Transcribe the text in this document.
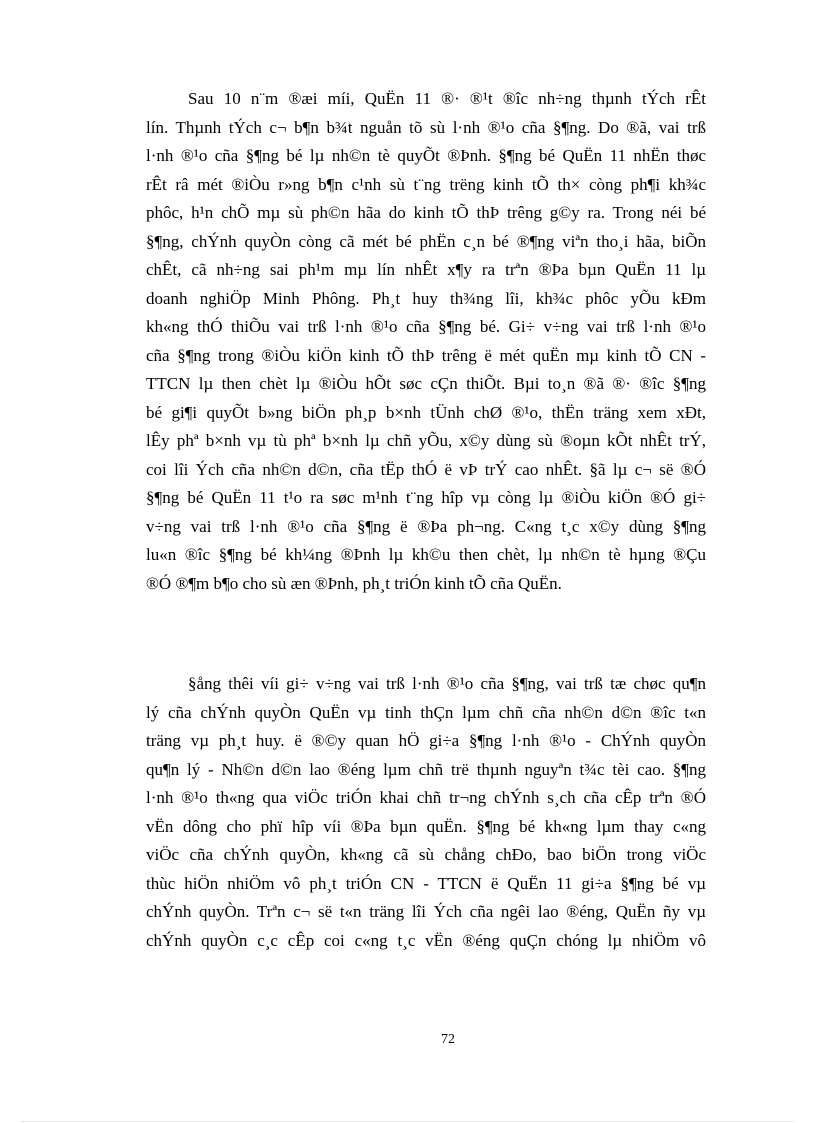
Sau 10 n¨m ®æi míi, QuËn 11 ®· ®¹t ®îc nh÷ng thµnh tÝch rÊt
lín. Thµnh tÝch c¬ b¶n b¾t nguån tõ sù l·nh ®¹o cña §¶ng. Do ®ã, vai trß
l·nh ®¹o cña §¶ng bé lµ nh©n tè quyÕt ®Þnh. §¶ng bé QuËn 11 nhËn thøc
rÊt râ mét ®iÒu r»ng b¶n c¹nh sù t¨ng trëng kinh tÕ th× còng ph¶i kh¾c
phôc, h¹n chÕ mµ sù ph©n hãa do kinh tÕ thÞ trêng g©y ra. Trong néi bé
§¶ng, chÝnh quyÒn còng cã mét bé phËn c¸n bé ®¶ng viªn tho¸i hãa, biÕn
chÊt, cã nh÷ng sai ph¹m mµ lín nhÊt x¶y ra trªn ®Þa bµn QuËn 11 lµ
doanh nghiÖp Minh Phông. Ph¸t huy th¾ng lîi, kh¾c phôc yÕu kÐm
kh«ng thÓ thiÕu vai trß l·nh ®¹o cña §¶ng bé. Gi÷ v÷ng vai trß l·nh ®¹o
cña §¶ng trong ®iÒu kiÖn kinh tÕ thÞ trêng ë mét quËn mµ kinh tÕ CN -
TTCN lµ then chèt lµ ®iÒu hÕt søc cÇn thiÕt. Bµi to¸n ®ã ®· ®îc §¶ng
bé gi¶i quyÕt b»ng biÖn ph¸p b×nh tÜnh chØ ®¹o, thËn träng xem xÐt,
lÊy phª b×nh vµ tù phª b×nh lµ chñ yÕu, x©y dùng sù ®oµn kÕt nhÊt trÝ,
coi lîi Ých cña nh©n d©n, cña tËp thÓ ë vÞ trÝ cao nhÊt. §ã lµ c¬ së ®Ó
§¶ng bé QuËn 11 t¹o ra søc m¹nh t¨ng hîp vµ còng lµ ®iÒu kiÖn ®Ó gi÷
v÷ng vai trß l·nh ®¹o cña §¶ng ë ®Þa ph¬ng. C«ng t¸c x©y dùng §¶ng
lu«n ®îc §¶ng bé kh¼ng ®Þnh lµ kh©u then chèt, lµ nh©n tè hµng ®Çu
®Ó ®¶m b¶o cho sù æn ®Þnh, ph¸t triÓn kinh tÕ cña QuËn.
§ång thêi víi gi÷ v÷ng vai trß l·nh ®¹o cña §¶ng, vai trß tæ chøc qu¶n
lý cña chÝnh quyÒn QuËn vµ tinh thÇn lµm chñ cña nh©n d©n ®îc t«n
träng vµ ph¸t huy. ë ®©y quan hÖ gi÷a §¶ng l·nh ®¹o - ChÝnh quyÒn
qu¶n lý - Nh©n d©n lao ®éng lµm chñ trë thµnh nguyªn t¾c tèi cao. §¶ng
l·nh ®¹o th«ng qua viÖc triÓn khai chñ tr¬ng chÝnh s¸ch cña cÊp trªn ®Ó
vËn dông cho phï hîp víi ®Þa bµn quËn. §¶ng bé kh«ng lµm thay c«ng
viÖc cña chÝnh quyÒn, kh«ng cã sù chång chÐo, bao biÖn trong viÖc
thùc hiÖn nhiÖm vô ph¸t triÓn CN - TTCN ë QuËn 11 gi÷a §¶ng bé vµ
chÝnh quyÒn. Trªn c¬ së t«n träng lîi Ých cña ngêi lao ®éng, QuËn ñy vµ
chÝnh quyÒn c¸c cÊp coi c«ng t¸c vËn ®éng quÇn chóng lµ nhiÖm vô
72
